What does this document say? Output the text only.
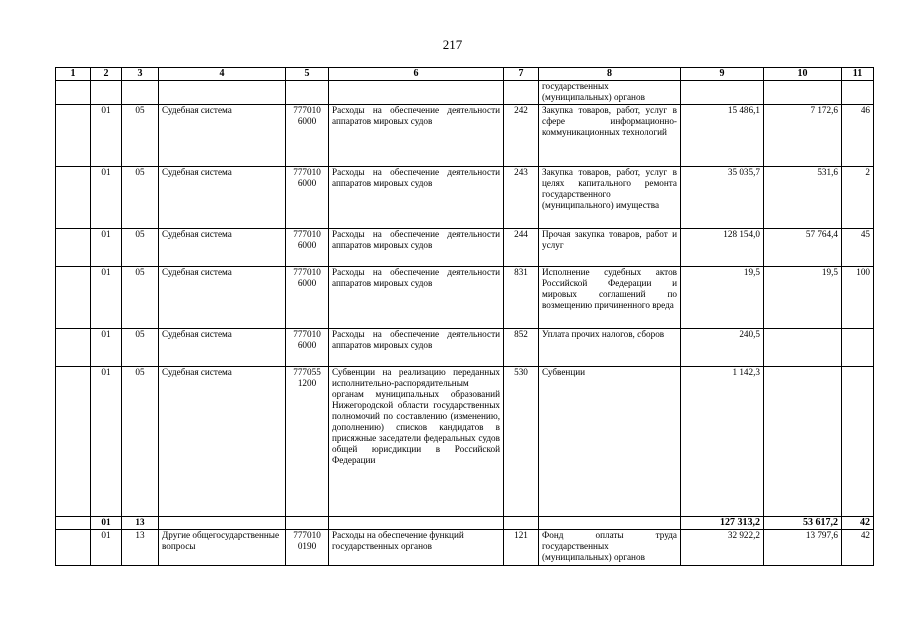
217
1	2	3	4	5	6	7	8	9	10	11
							государственных (муниципальных) органов			
	01	05	Судебная система	777010 6000	Расходы на обеспечение деятельности аппаратов мировых судов	242	Закупка товаров, работ, услуг в сфере информационно-коммуникационных технологий	15 486,1	7 172,6	46
	01	05	Судебная система	777010 6000	Расходы на обеспечение деятельности аппаратов мировых судов	243	Закупка товаров, работ, услуг в целях капитального ремонта государственного (муниципального) имущества	35 035,7	531,6	2
	01	05	Судебная система	777010 6000	Расходы на обеспечение деятельности аппаратов мировых судов	244	Прочая закупка товаров, работ и услуг	128 154,0	57 764,4	45
	01	05	Судебная система	777010 6000	Расходы на обеспечение деятельности аппаратов мировых судов	831	Исполнение судебных актов Российской Федерации и мировых соглашений по возмещению причиненного вреда	19,5	19,5	100
	01	05	Судебная система	777010 6000	Расходы на обеспечение деятельности аппаратов мировых судов	852	Уплата прочих налогов, сборов	240,5		
	01	05	Судебная система	777055 1200	Субвенции на реализацию переданных исполнительно-распорядительным органам муниципальных образований Нижегородской области государственных полномочий по составлению (изменению, дополнению) списков кандидатов в присяжные заседатели федеральных судов общей юрисдикции в Российской Федерации	530	Субвенции	1 142,3		
	01	13						127 313,2	53 617,2	42
	01	13	Другие общегосударственные вопросы	777010 0190	Расходы на обеспечение функций государственных органов	121	Фонд оплаты труда государственных (муниципальных) органов	32 922,2	13 797,6	42
